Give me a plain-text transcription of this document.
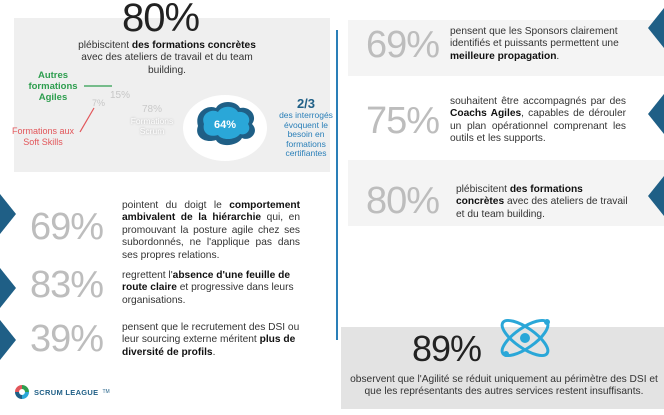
80%
plébiscitent des formations concrètes
avec des ateliers de travail et du team building.
Autres formations Agiles
Formations aux Soft Skills
15%
7%
78%
Formations Scrum	64%
2/3
des interrogés évoquent le besoin en formations certifiantes
69%
pointent du doigt le comportement ambivalent de la hiérarchie qui, en promouvant la posture agile chez ses subordonnés, ne l'applique pas dans ses propres relations.
83% regrettent l'absence d'une feuille de route claire et progressive dans leurs organisations.
39% pensent que le recrutement des DSI ou leur sourcing externe méritent plus de diversité de profils.
69% pensent que les Sponsors clairement identifiés et puissants permettent une meilleure propagation.
75% souhaitent être accompagnés par des Coachs Agiles, capables de dérouler un plan opérationnel comprenant les outils et les supports.
80% plébiscitent des formations concrètes avec des ateliers de travail et du team building.
89%
observent que l'Agilité se réduit uniquement au périmètre des DSI et que les représentants des autres services restent insuffisants.
SCRUM LEAGUE TM
